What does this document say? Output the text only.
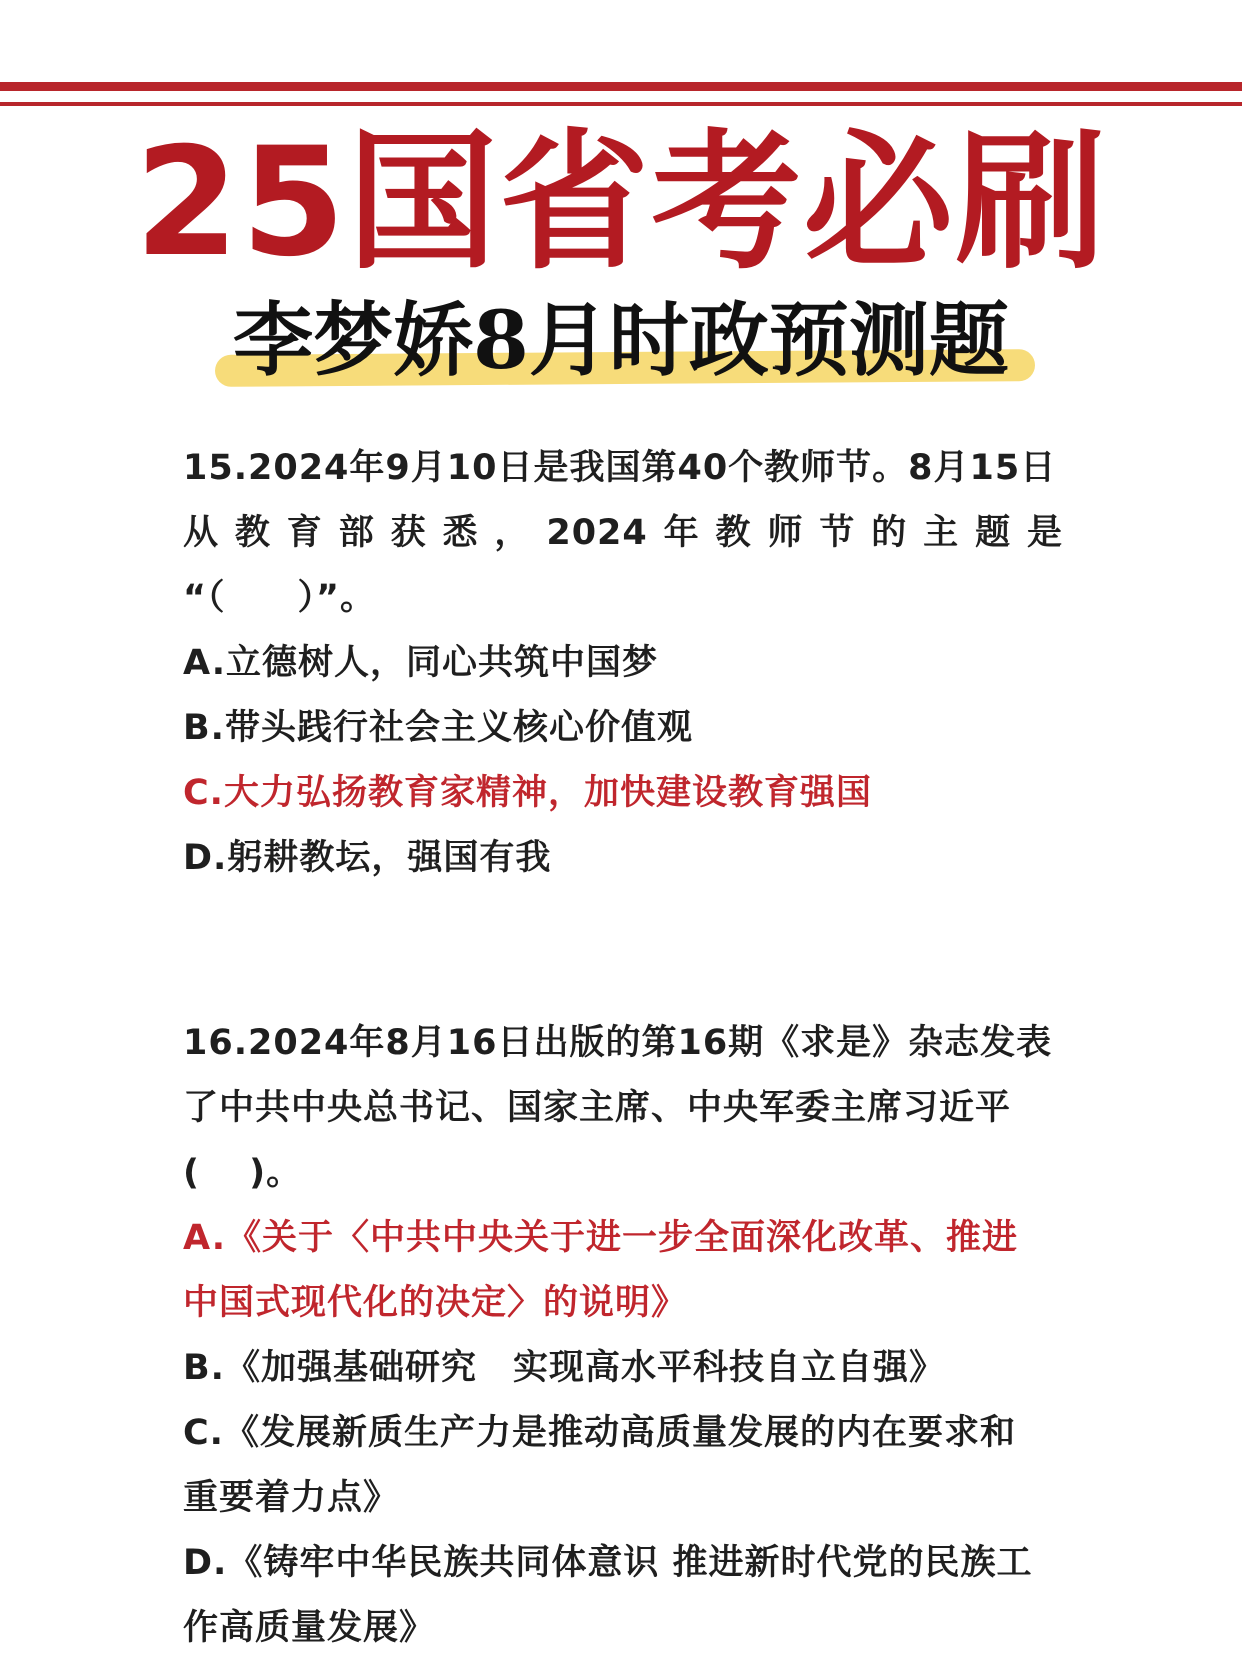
25国省考必刷
李梦娇8月时政预测题
15.2024年9月10日是我国第40个教师节。8月15日
从教育部获悉，2024年教师节的主题是
“（　　）”。
A.立德树人，同心共筑中国梦
B.带头践行社会主义核心价值观
C.大力弘扬教育家精神，加快建设教育强国
D.躬耕教坛，强国有我
16.2024年8月16日出版的第16期《求是》杂志发表
了中共中央总书记、国家主席、中央军委主席习近平
(　 )。
A.《关于〈中共中央关于进一步全面深化改革、推进
中国式现代化的决定〉的说明》
B.《加强基础研究　实现高水平科技自立自强》
C.《发展新质生产力是推动高质量发展的内在要求和
重要着力点》
D.《铸牢中华民族共同体意识 推进新时代党的民族工
作高质量发展》
